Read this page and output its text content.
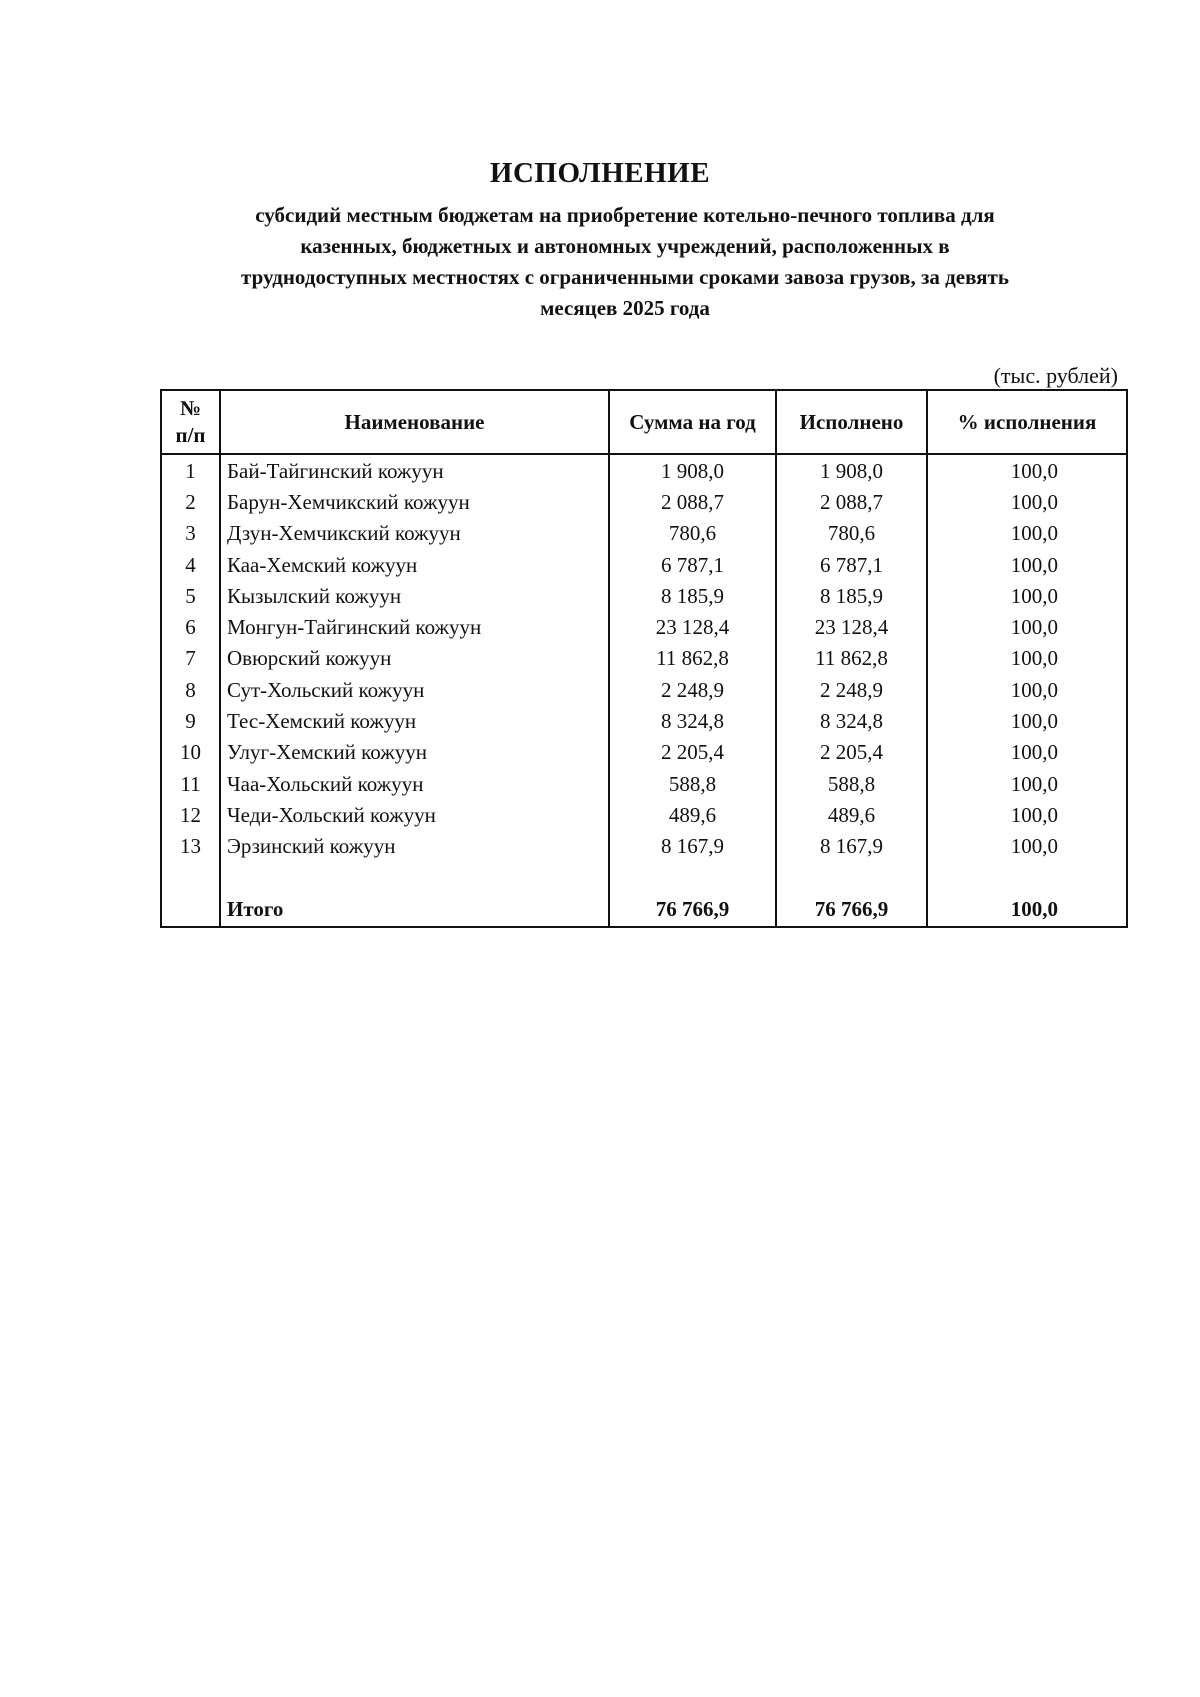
ИСПОЛНЕНИЕ
субсидий местным бюджетам на приобретение котельно-печного топлива для
казенных, бюджетных и автономных учреждений, расположенных в
труднодоступных местностях с ограниченными сроками завоза грузов, за девять
месяцев 2025 года
(тыс. рублей)
№
п/п	Наименование	Сумма на год	Исполнено	% исполнения
1	Бай-Тайгинский кожуун	1 908,0	1 908,0	100,0
2	Барун-Хемчикский кожуун	2 088,7	2 088,7	100,0
3	Дзун-Хемчикский кожуун	780,6	780,6	100,0
4	Каа-Хемский кожуун	6 787,1	6 787,1	100,0
5	Кызылский кожуун	8 185,9	8 185,9	100,0
6	Монгун-Тайгинский кожуун	23 128,4	23 128,4	100,0
7	Овюрский кожуун	11 862,8	11 862,8	100,0
8	Сут-Хольский кожуун	2 248,9	2 248,9	100,0
9	Тес-Хемский кожуун	8 324,8	8 324,8	100,0
10	Улуг-Хемский кожуун	2 205,4	2 205,4	100,0
11	Чаа-Хольский кожуун	588,8	588,8	100,0
12	Чеди-Хольский кожуун	489,6	489,6	100,0
13	Эрзинский кожуун	8 167,9	8 167,9	100,0

	Итого	76 766,9	76 766,9	100,0
